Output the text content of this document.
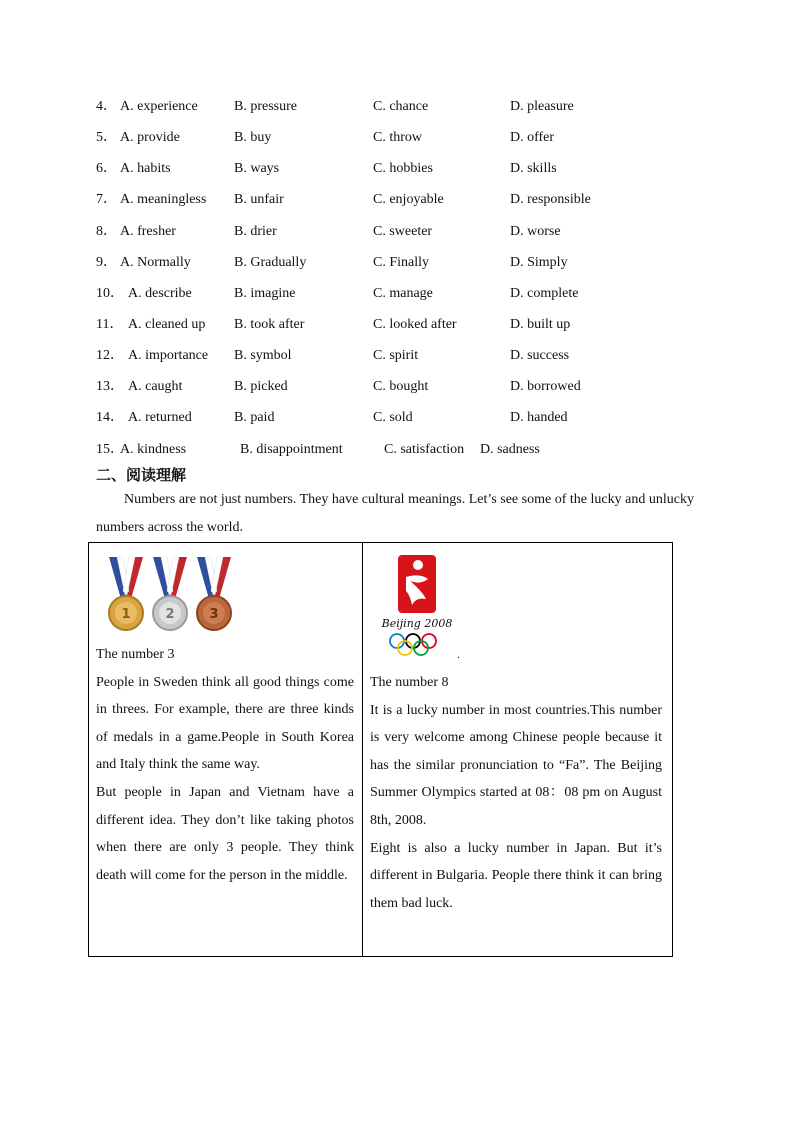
4． A. experience	B. pressure	C. chance	D. pleasure
5． A. provide	B. buy	C. throw	D. offer
6． A. habits	B. ways	C. hobbies	D. skills
7． A. meaningless B. unfair	C. enjoyable	D. responsible
8． A. fresher	B. drier	C. sweeter	D. worse
9． A. Normally	B. Gradually	C. Finally	D. Simply
10． A. describe	B. imagine	C. manage	D. complete
11． A. cleaned up B. took after	C. looked after	D. built up
12． A. importance B. symbol	C. spirit	D. success
13． A. caught	B. picked	C. bought	D. borrowed
14． A. returned	B. paid	C. sold	D. handed
15．
A. kindness	B. disappointment	C. satisfaction D. sadness
二、阅读理解
Numbers are not just numbers. They have cultural meanings. Let’s see some of the lucky and unlucky numbers across the world.
1	2	3

The number 3

People in Sweden think all good things come in threes. For example, there are three kinds of medals in a game.People in South Korea and Italy think the same way.

But people in Japan and Vietnam have a different idea. They don’t like taking photos when there are only 3 people. They think death will come for the person in the middle.

Beijing 2008
.

The number 8

It is a lucky number in most countries.This number is very welcome among Chinese people because it has the similar pronunciation to “Fa”. The Beijing Summer Olympics started at 08：08 pm on August 8th, 2008.

Eight is also a lucky number in Japan. But it’s different in Bulgaria. People there think it can bring them bad luck.
